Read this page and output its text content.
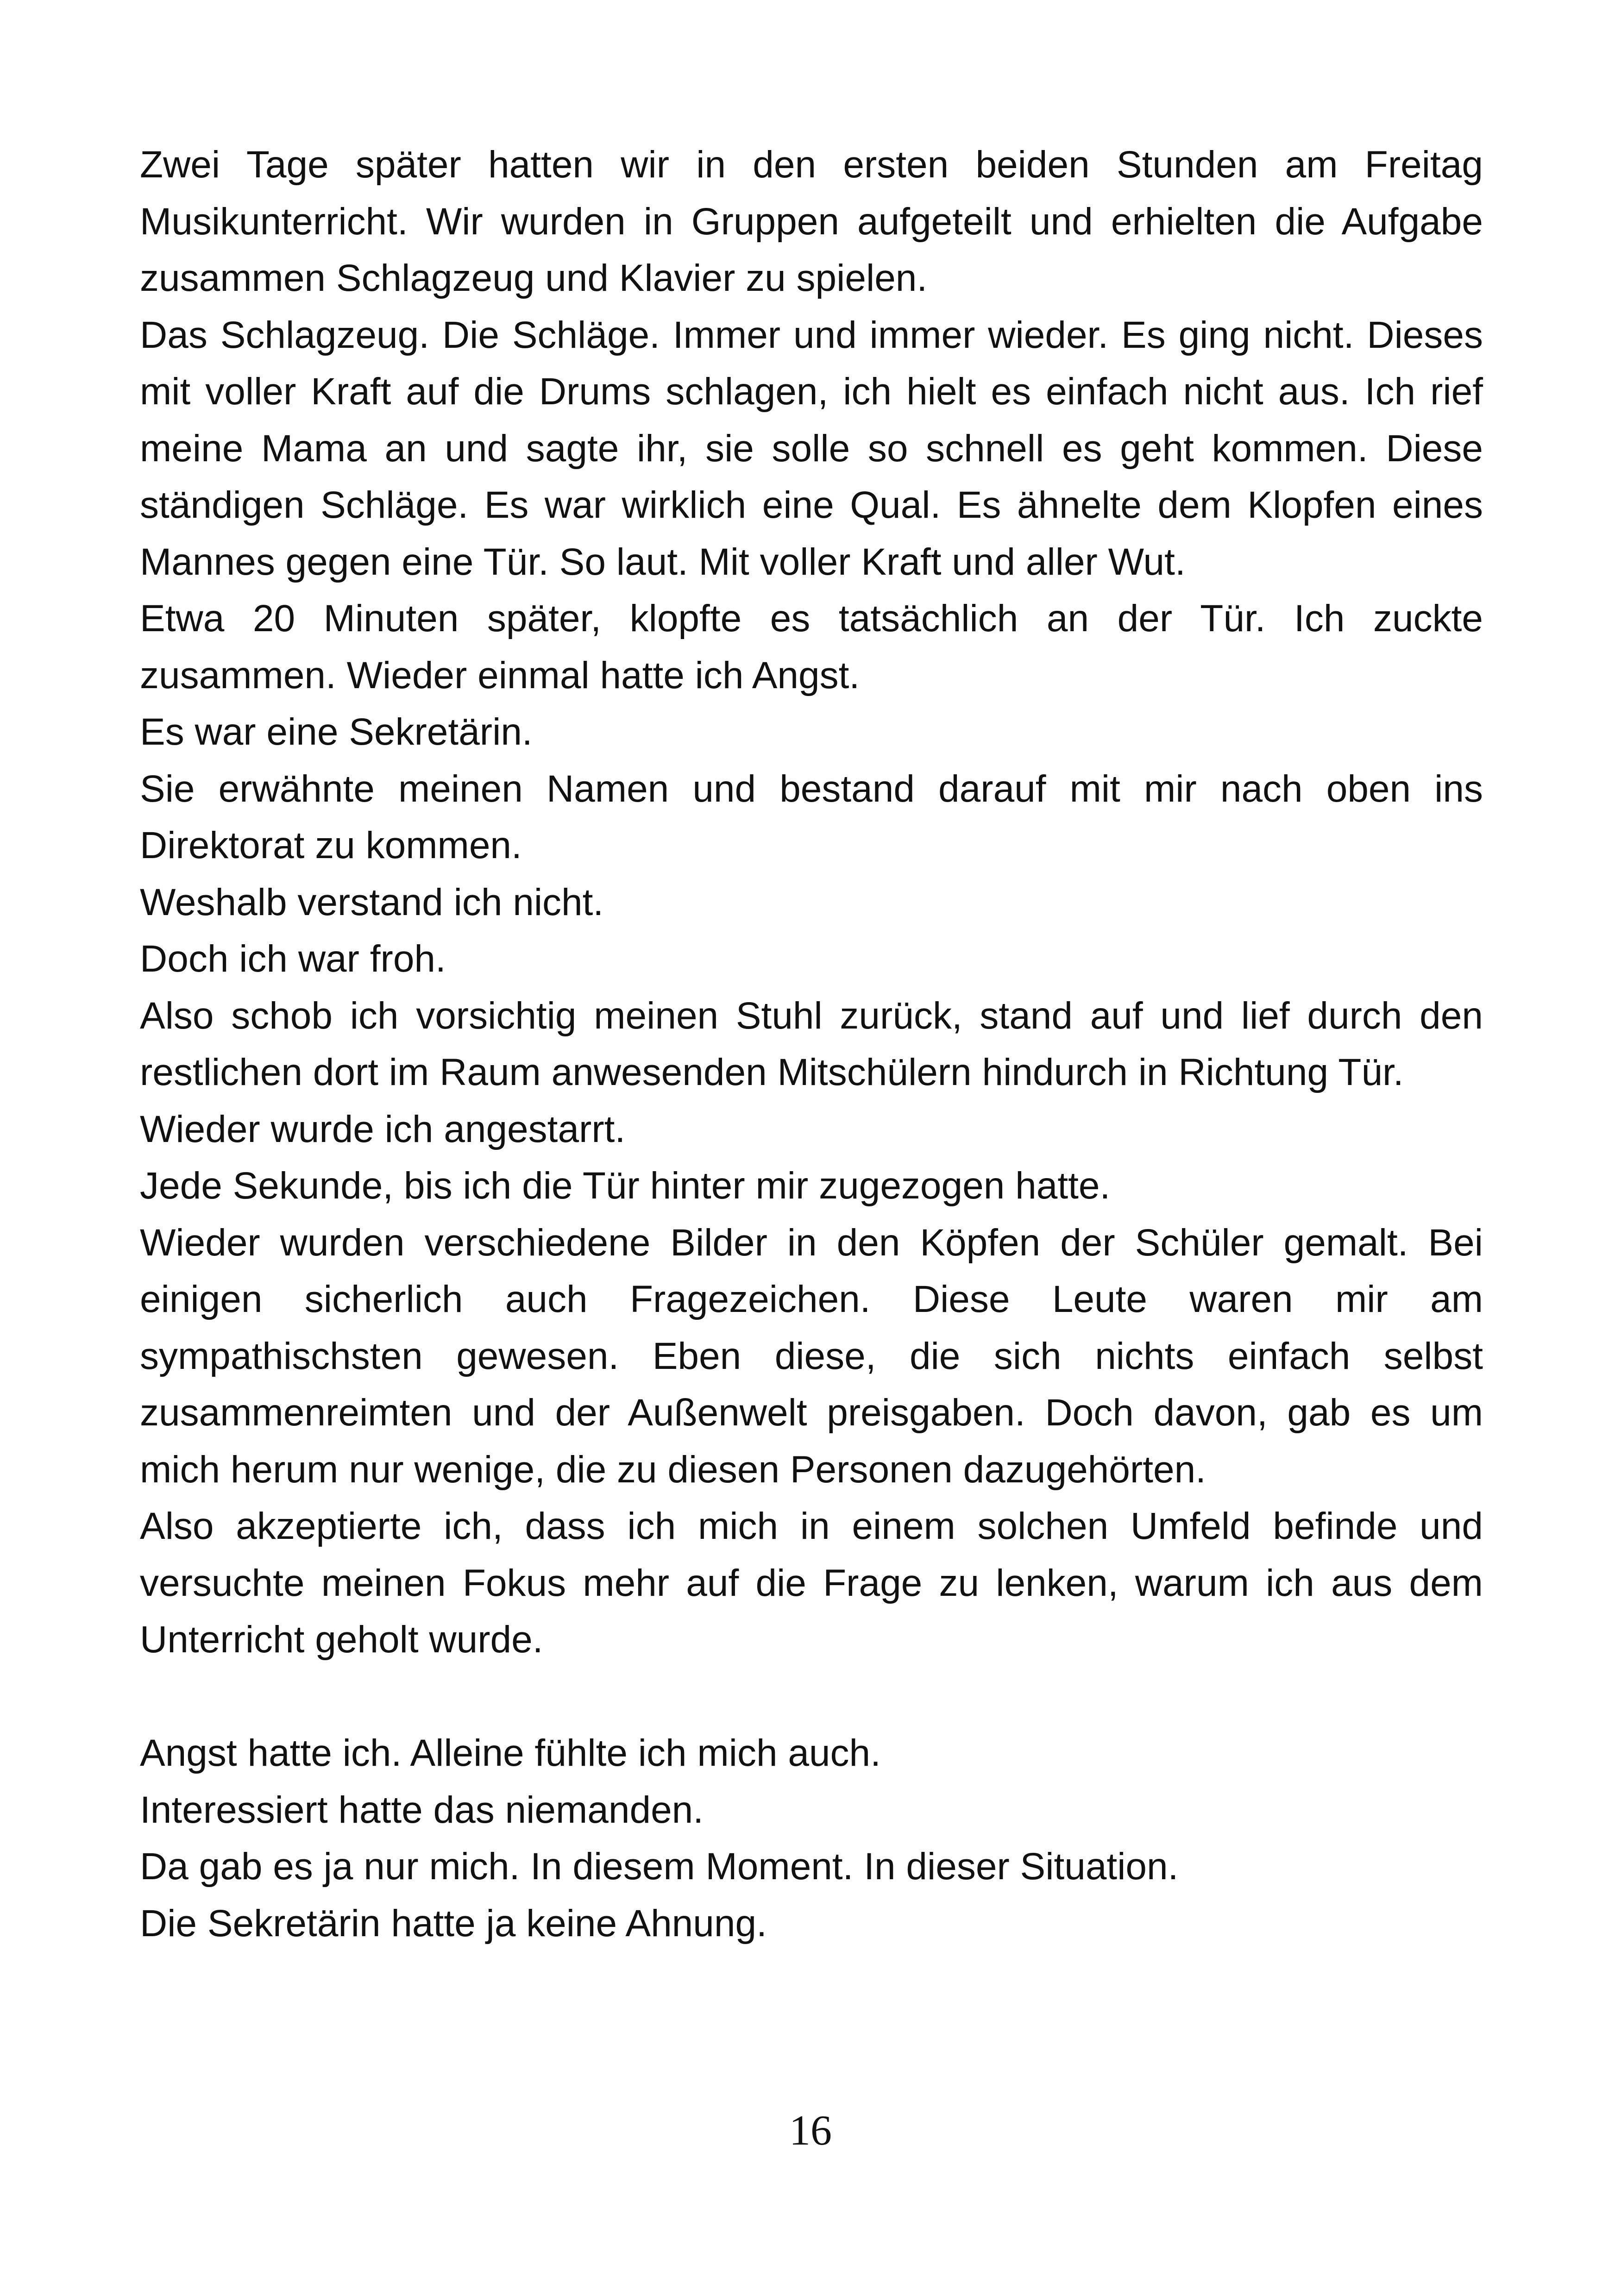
Zwei Tage später hatten wir in den ersten beiden Stunden am Freitag Musikunterricht. Wir wurden in Gruppen aufgeteilt und erhielten die Aufgabe zusammen Schlagzeug und Klavier zu spielen.

Das Schlagzeug. Die Schläge. Immer und immer wieder. Es ging nicht. Dieses mit voller Kraft auf die Drums schlagen, ich hielt es einfach nicht aus. Ich rief meine Mama an und sagte ihr, sie solle so schnell es geht kommen. Diese ständigen Schläge. Es war wirklich eine Qual. Es ähnelte dem Klopfen eines Mannes gegen eine Tür. So laut. Mit voller Kraft und aller Wut.

Etwa 20 Minuten später, klopfte es tatsächlich an der Tür. Ich zuckte zusammen. Wieder einmal hatte ich Angst.

Es war eine Sekretärin.

Sie erwähnte meinen Namen und bestand darauf mit mir nach oben ins Direktorat zu kommen.

Weshalb verstand ich nicht.

Doch ich war froh.

Also schob ich vorsichtig meinen Stuhl zurück, stand auf und lief durch den restlichen dort im Raum anwesenden Mitschülern hindurch in Richtung Tür.

Wieder wurde ich angestarrt.

Jede Sekunde, bis ich die Tür hinter mir zugezogen hatte.

Wieder wurden verschiedene Bilder in den Köpfen der Schüler gemalt. Bei einigen sicherlich auch Fragezeichen. Diese Leute waren mir am sympathischsten gewesen. Eben diese, die sich nichts einfach selbst zusammenreimten und der Außenwelt preisgaben. Doch davon, gab es um mich herum nur wenige, die zu diesen Personen dazugehörten.

Also akzeptierte ich, dass ich mich in einem solchen Umfeld befinde und versuchte meinen Fokus mehr auf die Frage zu lenken, warum ich aus dem Unterricht geholt wurde.

Angst hatte ich. Alleine fühlte ich mich auch.

Interessiert hatte das niemanden.

Da gab es ja nur mich. In diesem Moment. In dieser Situation.

Die Sekretärin hatte ja keine Ahnung.

16
